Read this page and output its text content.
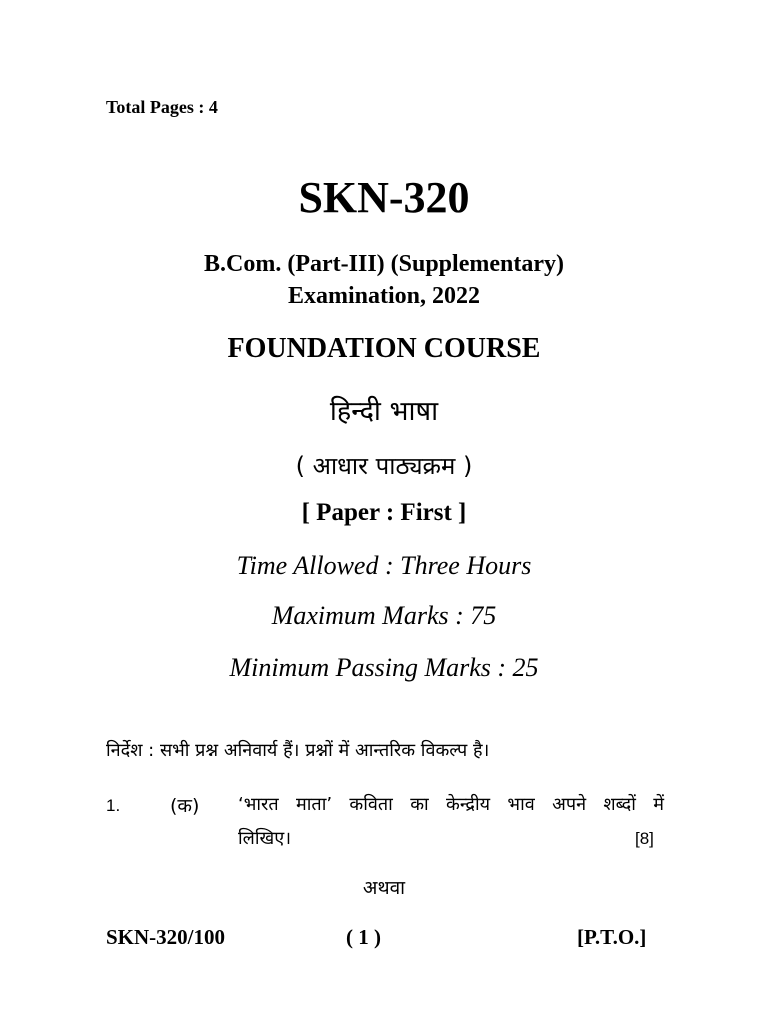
Total Pages : 4
SKN-320
B.Com. (Part-III) (Supplementary)
Examination, 2022
FOUNDATION COURSE
हिन्दी भाषा
( आधार पाठ्यक्रम )
[ Paper : First ]
Time Allowed : Three Hours
Maximum Marks : 75
Minimum Passing Marks : 25
निर्देश : सभी प्रश्न अनिवार्य हैं। प्रश्नों में आन्तरिक विकल्प है।
1.	(क) ‘भारत माता’ कविता का केन्द्रीय भाव अपने शब्दों में
लिखिए।	[8]
अथवा
SKN-320/100	( 1 )	[P.T.O.]
